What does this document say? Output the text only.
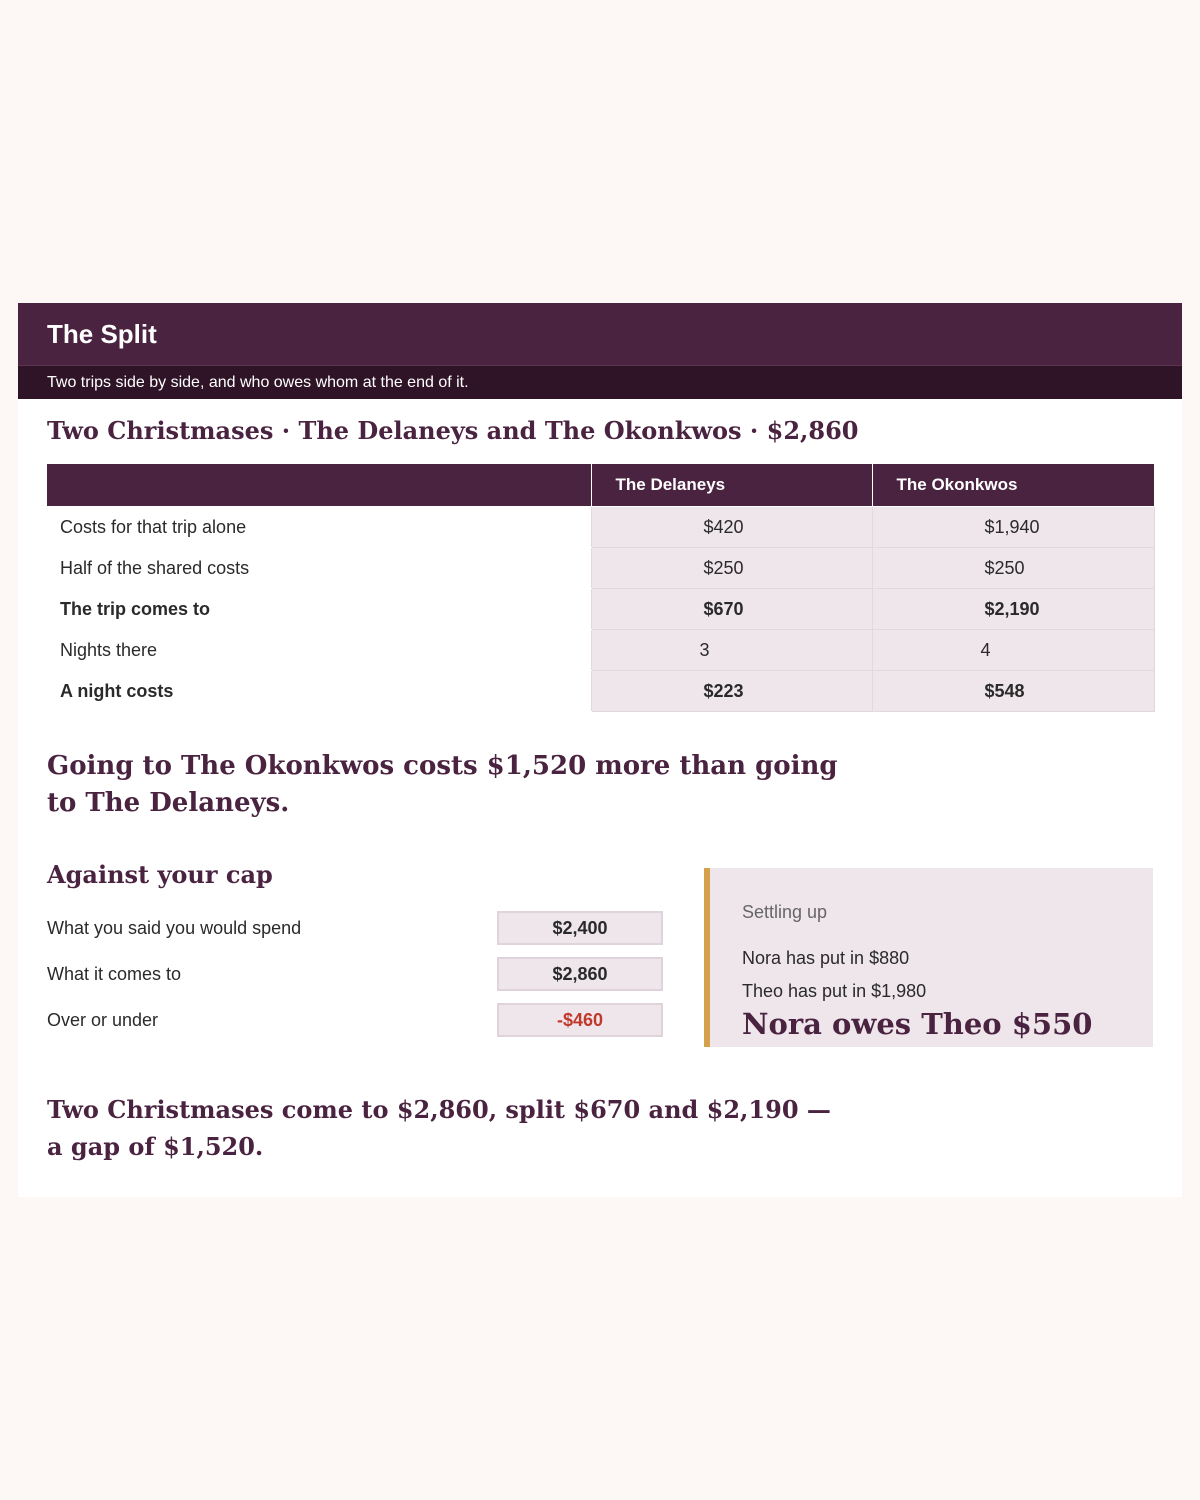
The Split
Two trips side by side, and who owes whom at the end of it.
Two Christmases · The Delaneys and The Okonkwos · $2,860
	The Delaneys	The Okonkwos
Costs for that trip alone	$420	$1,940
Half of the shared costs	$250	$250
The trip comes to	$670	$2,190
Nights there	3	4
A night costs	$223	$548

Going to The Okonkwos costs $1,520 more than going to The Delaneys.

Against your cap
What you said you would spend	$2,400
What it comes to	$2,860
Over or under	-$460
Settling up
Nora has put in $880
Theo has put in $1,980
Nora owes Theo $550

Two Christmases come to $2,860, split $670 and $2,190 — a gap of $1,520.
